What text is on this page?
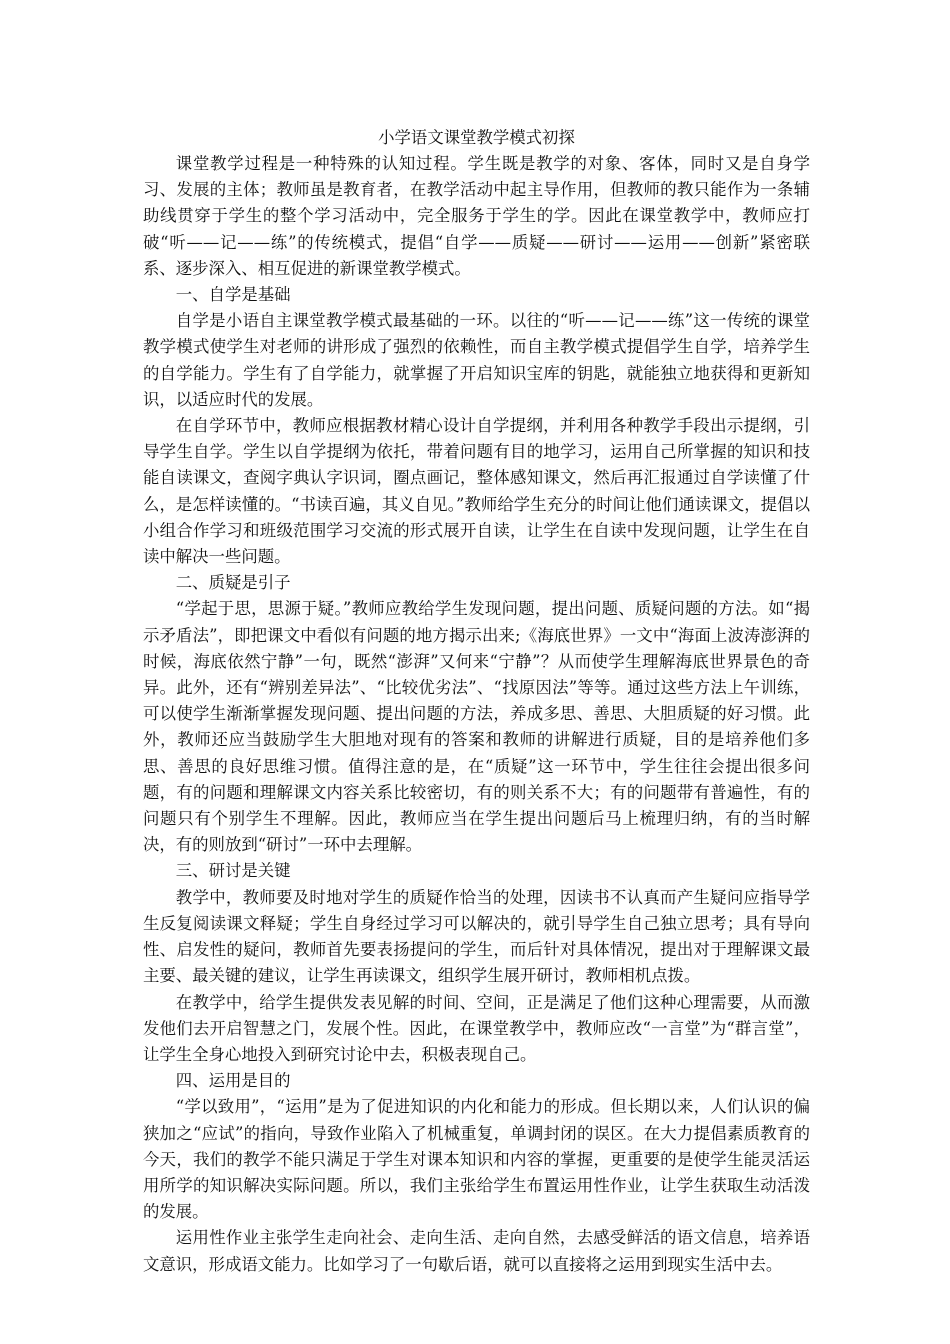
小学语文课堂教学模式初探

课堂教学过程是一种特殊的认知过程。学生既是教学的对象、客体，同时又是自身学习、发展的主体；教师虽是教育者，在教学活动中起主导作用，但教师的教只能作为一条辅助线贯穿于学生的整个学习活动中，完全服务于学生的学。因此在课堂教学中，教师应打破“听——记——练”的传统模式，提倡“自学——质疑——研讨——运用——创新”紧密联系、逐步深入、相互促进的新课堂教学模式。

一、自学是基础

自学是小语自主课堂教学模式最基础的一环。以往的“听——记——练”这一传统的课堂教学模式使学生对老师的讲形成了强烈的依赖性，而自主教学模式提倡学生自学，培养学生的自学能力。学生有了自学能力，就掌握了开启知识宝库的钥匙，就能独立地获得和更新知识，以适应时代的发展。

在自学环节中，教师应根据教材精心设计自学提纲，并利用各种教学手段出示提纲，引导学生自学。学生以自学提纲为依托，带着问题有目的地学习，运用自己所掌握的知识和技能自读课文，查阅字典认字识词，圈点画记，整体感知课文，然后再汇报通过自学读懂了什么，是怎样读懂的。“书读百遍，其义自见。”教师给学生充分的时间让他们通读课文，提倡以小组合作学习和班级范围学习交流的形式展开自读，让学生在自读中发现问题，让学生在自读中解决一些问题。

二、质疑是引子

“学起于思，思源于疑。”教师应教给学生发现问题，提出问题、质疑问题的方法。如“揭示矛盾法”，即把课文中看似有问题的地方揭示出来;《海底世界》一文中“海面上波涛澎湃的时候，海底依然宁静”一句，既然“澎湃”又何来“宁静”？从而使学生理解海底世界景色的奇异。此外，还有“辨别差异法”、“比较优劣法”、“找原因法”等等。通过这些方法上午训练，可以使学生渐渐掌握发现问题、提出问题的方法，养成多思、善思、大胆质疑的好习惯。此外，教师还应当鼓励学生大胆地对现有的答案和教师的讲解进行质疑，目的是培养他们多思、善思的良好思维习惯。值得注意的是，在“质疑”这一环节中，学生往往会提出很多问题，有的问题和理解课文内容关系比较密切，有的则关系不大；有的问题带有普遍性，有的问题只有个别学生不理解。因此，教师应当在学生提出问题后马上梳理归纳，有的当时解决，有的则放到“研讨”一环中去理解。

三、研讨是关键

教学中，教师要及时地对学生的质疑作恰当的处理，因读书不认真而产生疑问应指导学生反复阅读课文释疑；学生自身经过学习可以解决的，就引导学生自己独立思考；具有导向性、启发性的疑问，教师首先要表扬提问的学生，而后针对具体情况，提出对于理解课文最主要、最关键的建议，让学生再读课文，组织学生展开研讨，教师相机点拨。

在教学中，给学生提供发表见解的时间、空间，正是满足了他们这种心理需要，从而激发他们去开启智慧之门，发展个性。因此，在课堂教学中，教师应改“一言堂”为“群言堂”，让学生全身心地投入到研究讨论中去，积极表现自己。

四、运用是目的

“学以致用”，“运用”是为了促进知识的内化和能力的形成。但长期以来，人们认识的偏狭加之“应试”的指向，导致作业陷入了机械重复，单调封闭的误区。在大力提倡素质教育的今天，我们的教学不能只满足于学生对课本知识和内容的掌握，更重要的是使学生能灵活运用所学的知识解决实际问题。所以，我们主张给学生布置运用性作业，让学生获取生动活泼的发展。

运用性作业主张学生走向社会、走向生活、走向自然，去感受鲜活的语文信息，培养语文意识，形成语文能力。比如学习了一句歇后语，就可以直接将之运用到现实生活中去。
